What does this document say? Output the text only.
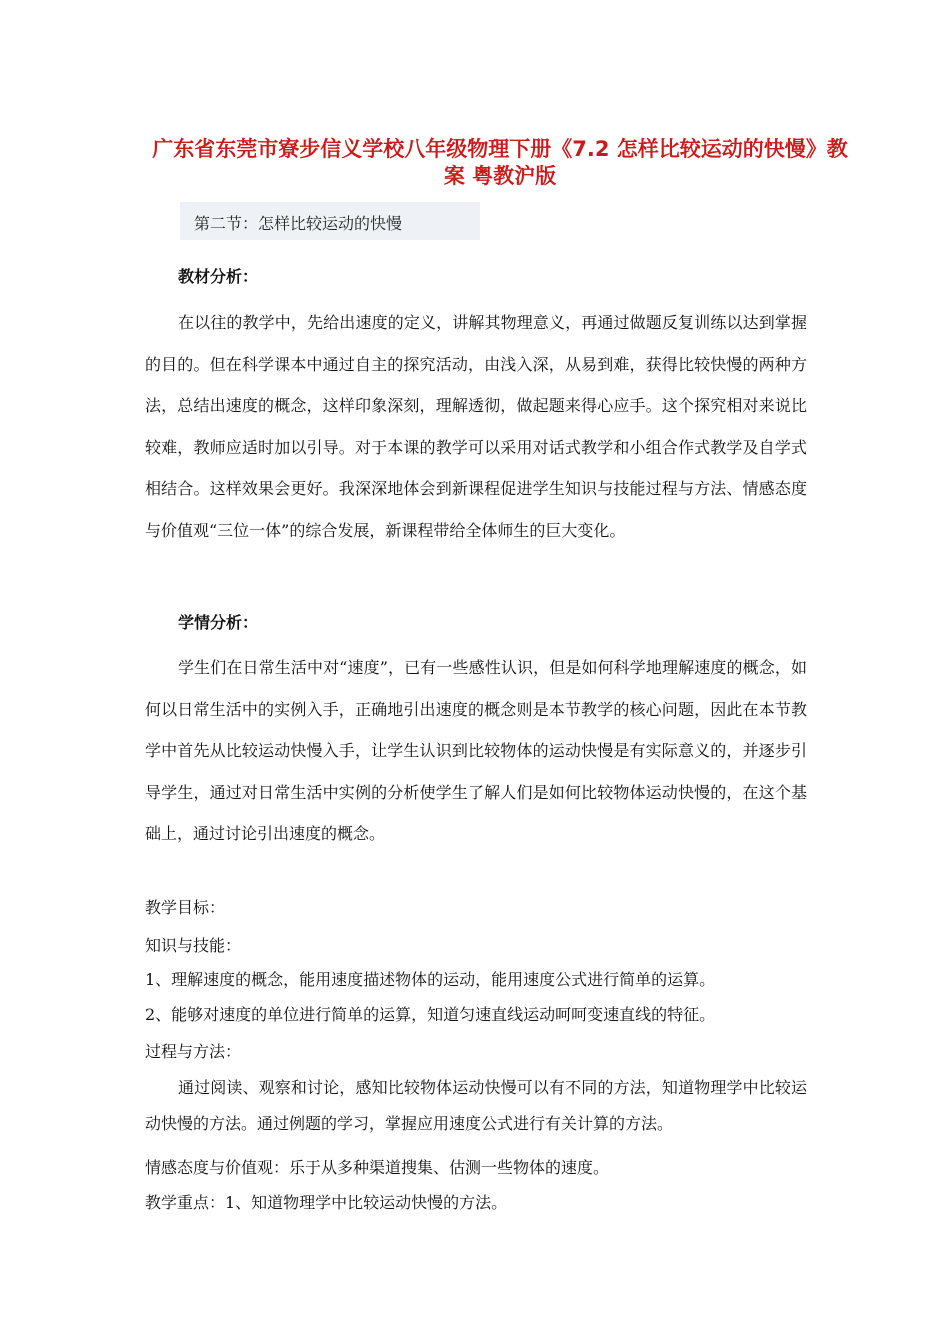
广东省东莞市寮步信义学校八年级物理下册《7.2 怎样比较运动的快慢》教案 粤教沪版
第二节：怎样比较运动的快慢
教材分析：

在以往的教学中，先给出速度的定义，讲解其物理意义，再通过做题反复训练以达到掌握的目的。但在科学课本中通过自主的探究活动，由浅入深，从易到难，获得比较快慢的两种方法，总结出速度的概念，这样印象深刻，理解透彻，做起题来得心应手。这个探究相对来说比较难，教师应适时加以引导。对于本课的教学可以采用对话式教学和小组合作式教学及自学式相结合。这样效果会更好。我深深地体会到新课程促进学生知识与技能过程与方法、情感态度与价值观“三位一体”的综合发展，新课程带给全体师生的巨大变化。

学情分析：

学生们在日常生活中对“速度”，已有一些感性认识，但是如何科学地理解速度的概念，如何以日常生活中的实例入手，正确地引出速度的概念则是本节教学的核心问题，因此在本节教学中首先从比较运动快慢入手，让学生认识到比较物体的运动快慢是有实际意义的，并逐步引导学生，通过对日常生活中实例的分析使学生了解人们是如何比较物体运动快慢的，在这个基础上，通过讨论引出速度的概念。

教学目标：

知识与技能：

1、理解速度的概念，能用速度描述物体的运动，能用速度公式进行简单的运算。

2、能够对速度的单位进行简单的运算，知道匀速直线运动呵呵变速直线的特征。

过程与方法：

通过阅读、观察和讨论，感知比较物体运动快慢可以有不同的方法，知道物理学中比较运动快慢的方法。通过例题的学习，掌握应用速度公式进行有关计算的方法。

情感态度与价值观：乐于从多种渠道搜集、估测一些物体的速度。

教学重点：1、知道物理学中比较运动快慢的方法。
